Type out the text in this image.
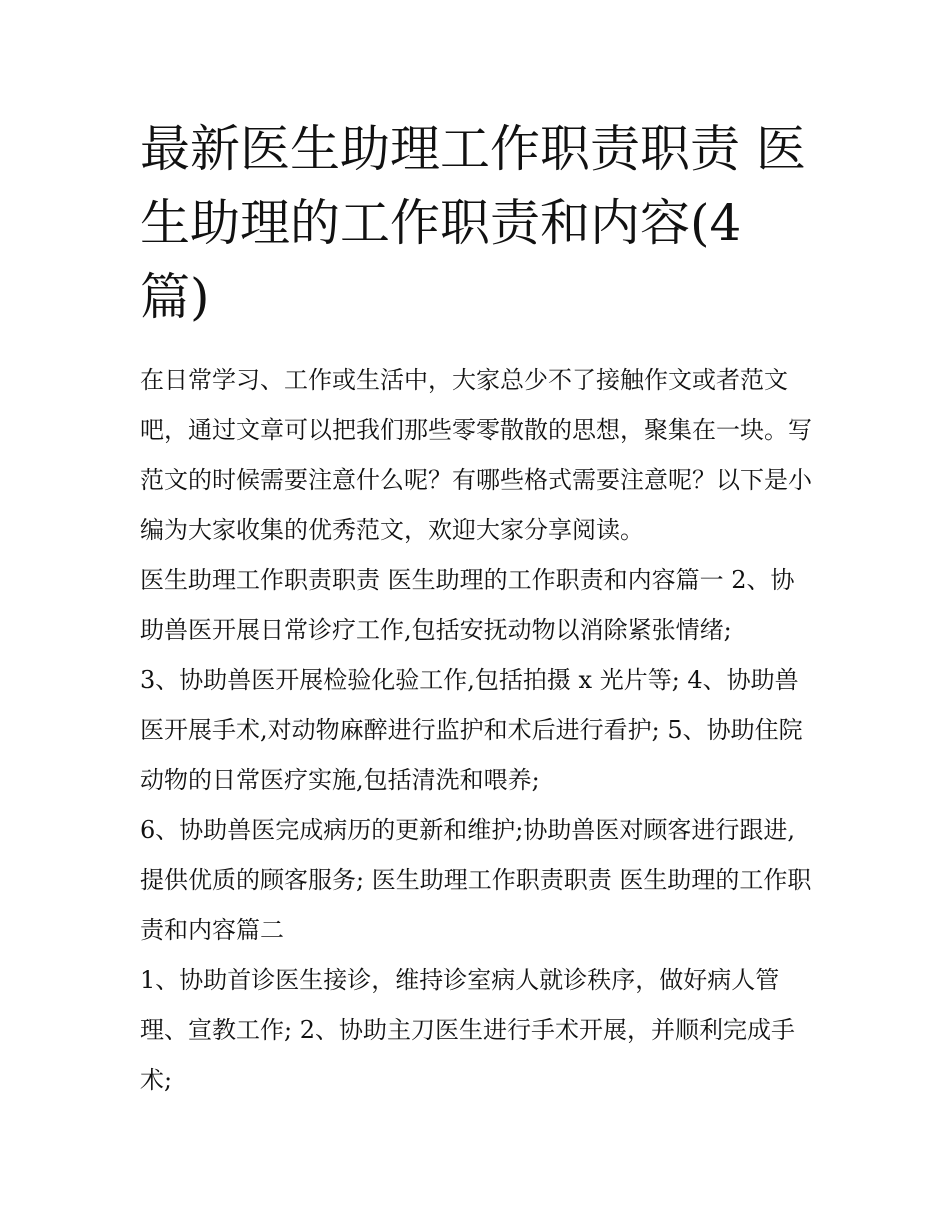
最新医生助理工作职责职责 医生助理的工作职责和内容(4篇)

在日常学习、工作或生活中，大家总少不了接触作文或者范文吧，通过文章可以把我们那些零零散散的思想，聚集在一块。写范文的时候需要注意什么呢？有哪些格式需要注意呢？以下是小编为大家收集的优秀范文，欢迎大家分享阅读。

医生助理工作职责职责 医生助理的工作职责和内容篇一 2、协助兽医开展日常诊疗工作,包括安抚动物以消除紧张情绪;

3、协助兽医开展检验化验工作,包括拍摄 x 光片等; 4、协助兽医开展手术,对动物麻醉进行监护和术后进行看护; 5、协助住院动物的日常医疗实施,包括清洗和喂养;

6、协助兽医完成病历的更新和维护;协助兽医对顾客进行跟进,提供优质的顾客服务; 医生助理工作职责职责 医生助理的工作职责和内容篇二

1、协助首诊医生接诊，维持诊室病人就诊秩序，做好病人管理、宣教工作; 2、协助主刀医生进行手术开展，并顺利完成手术;
